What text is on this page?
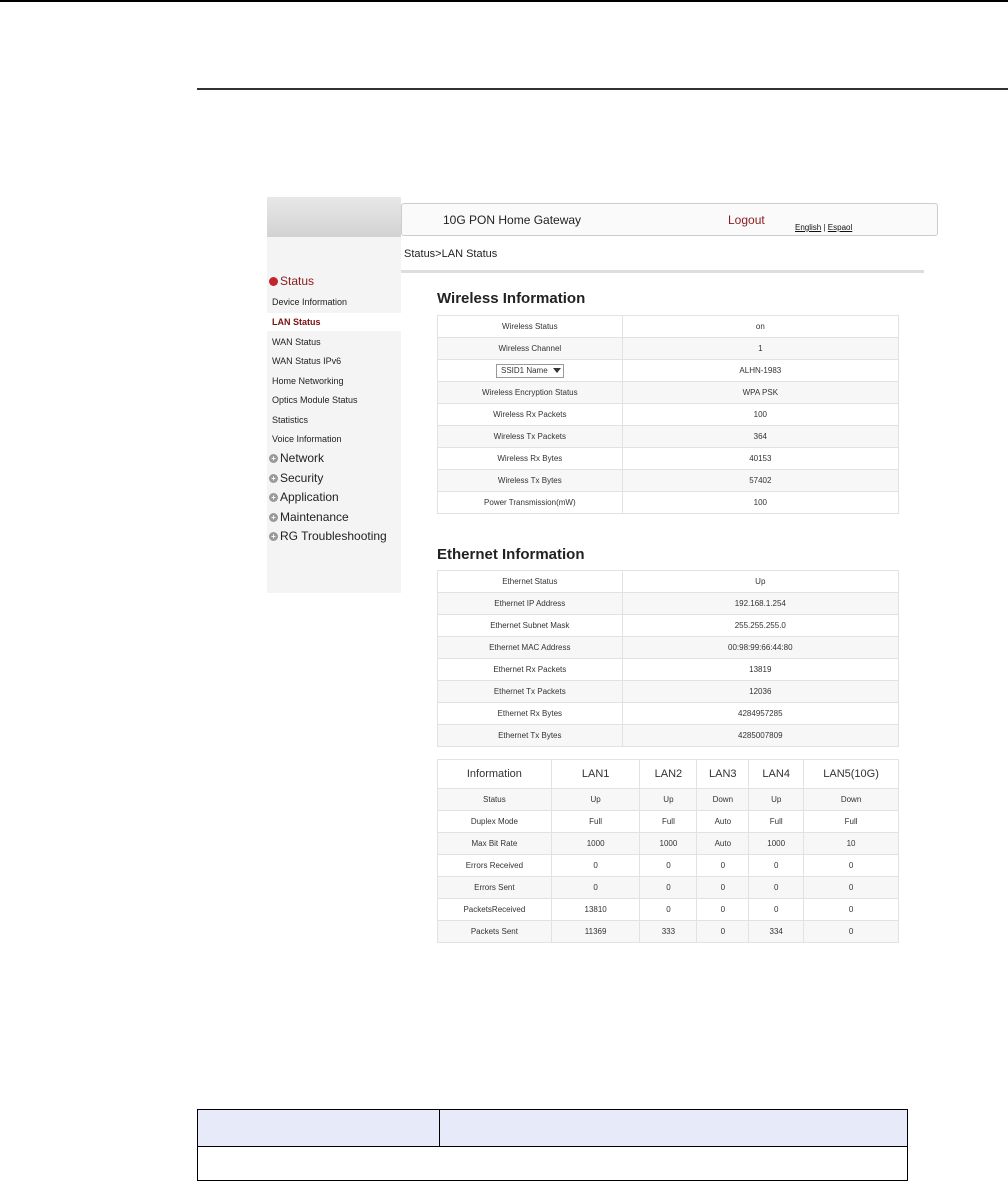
- Status
Device Information
LAN Status
WAN Status
WAN Status IPv6
Home Networking
Optics Module Status
Statistics
Voice Information
+ Network
+ Security
+ Application
+ Maintenance
+ RG Troubleshooting
10G PON Home Gateway	Logout
English | Espaol
Status>LAN Status
Wireless Information
Wireless Status	on
Wireless Channel	1

SSID1 Name	ALHN-1983
Wireless Encryption Status	WPA PSK
Wireless Rx Packets	100
Wireless Tx Packets	364
Wireless Rx Bytes	40153
Wireless Tx Bytes	57402
Power Transmission(mW)	100
Ethernet Information
Ethernet Status	Up
Ethernet IP Address	192.168.1.254
Ethernet Subnet Mask	255.255.255.0
Ethernet MAC Address	00:98:99:66:44:80
Ethernet Rx Packets	13819
Ethernet Tx Packets	12036
Ethernet Rx Bytes	4284957285
Ethernet Tx Bytes	4285007809
Information	LAN1	LAN2	LAN3	LAN4	LAN5(10G)
Status	Up	Up	Down	Up	Down
Duplex Mode	Full	Full	Auto	Full	Full
Max Bit Rate	1000	1000	Auto	1000	10
Errors Received	0	0	0	0	0
Errors Sent	0	0	0	0	0
PacketsReceived	13810	0	0	0	0
Packets Sent	11369	333	0	334	0
